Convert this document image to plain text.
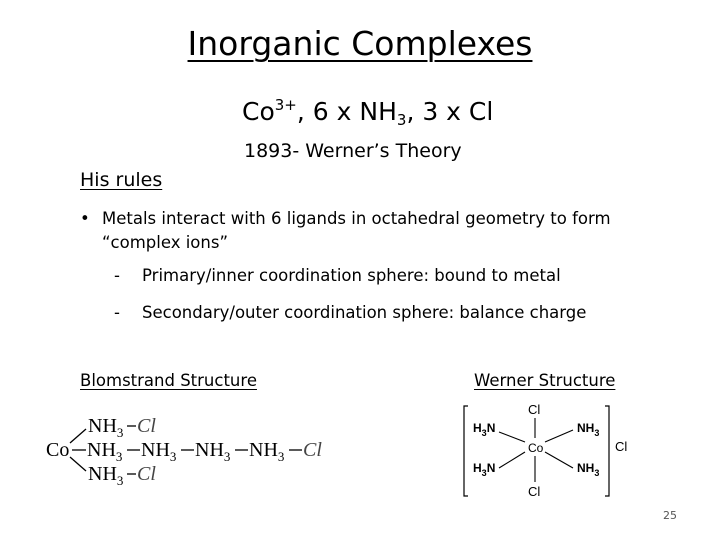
Inorganic Complexes
$Co^{3+}$, 6 x $NH_3$, 3 x Cl
1893- Werner’s Theory
His rules
• Metals interact with 6 ligands in octahedral geometry to form “complex ions”
- Primary/inner coordination sphere: bound to metal
- Secondary/outer coordination sphere: balance charge
Blomstrand Structure	Werner Structure
$NH_3$ Cl
Co $NH_3$ $NH_3$ $NH_3$ $NH_3$ Cl
$NH_3$ Cl
Cl
Cl
Co	Cl
$H_3N$
$H_3N$
$NH_3$
$NH_3$
25
